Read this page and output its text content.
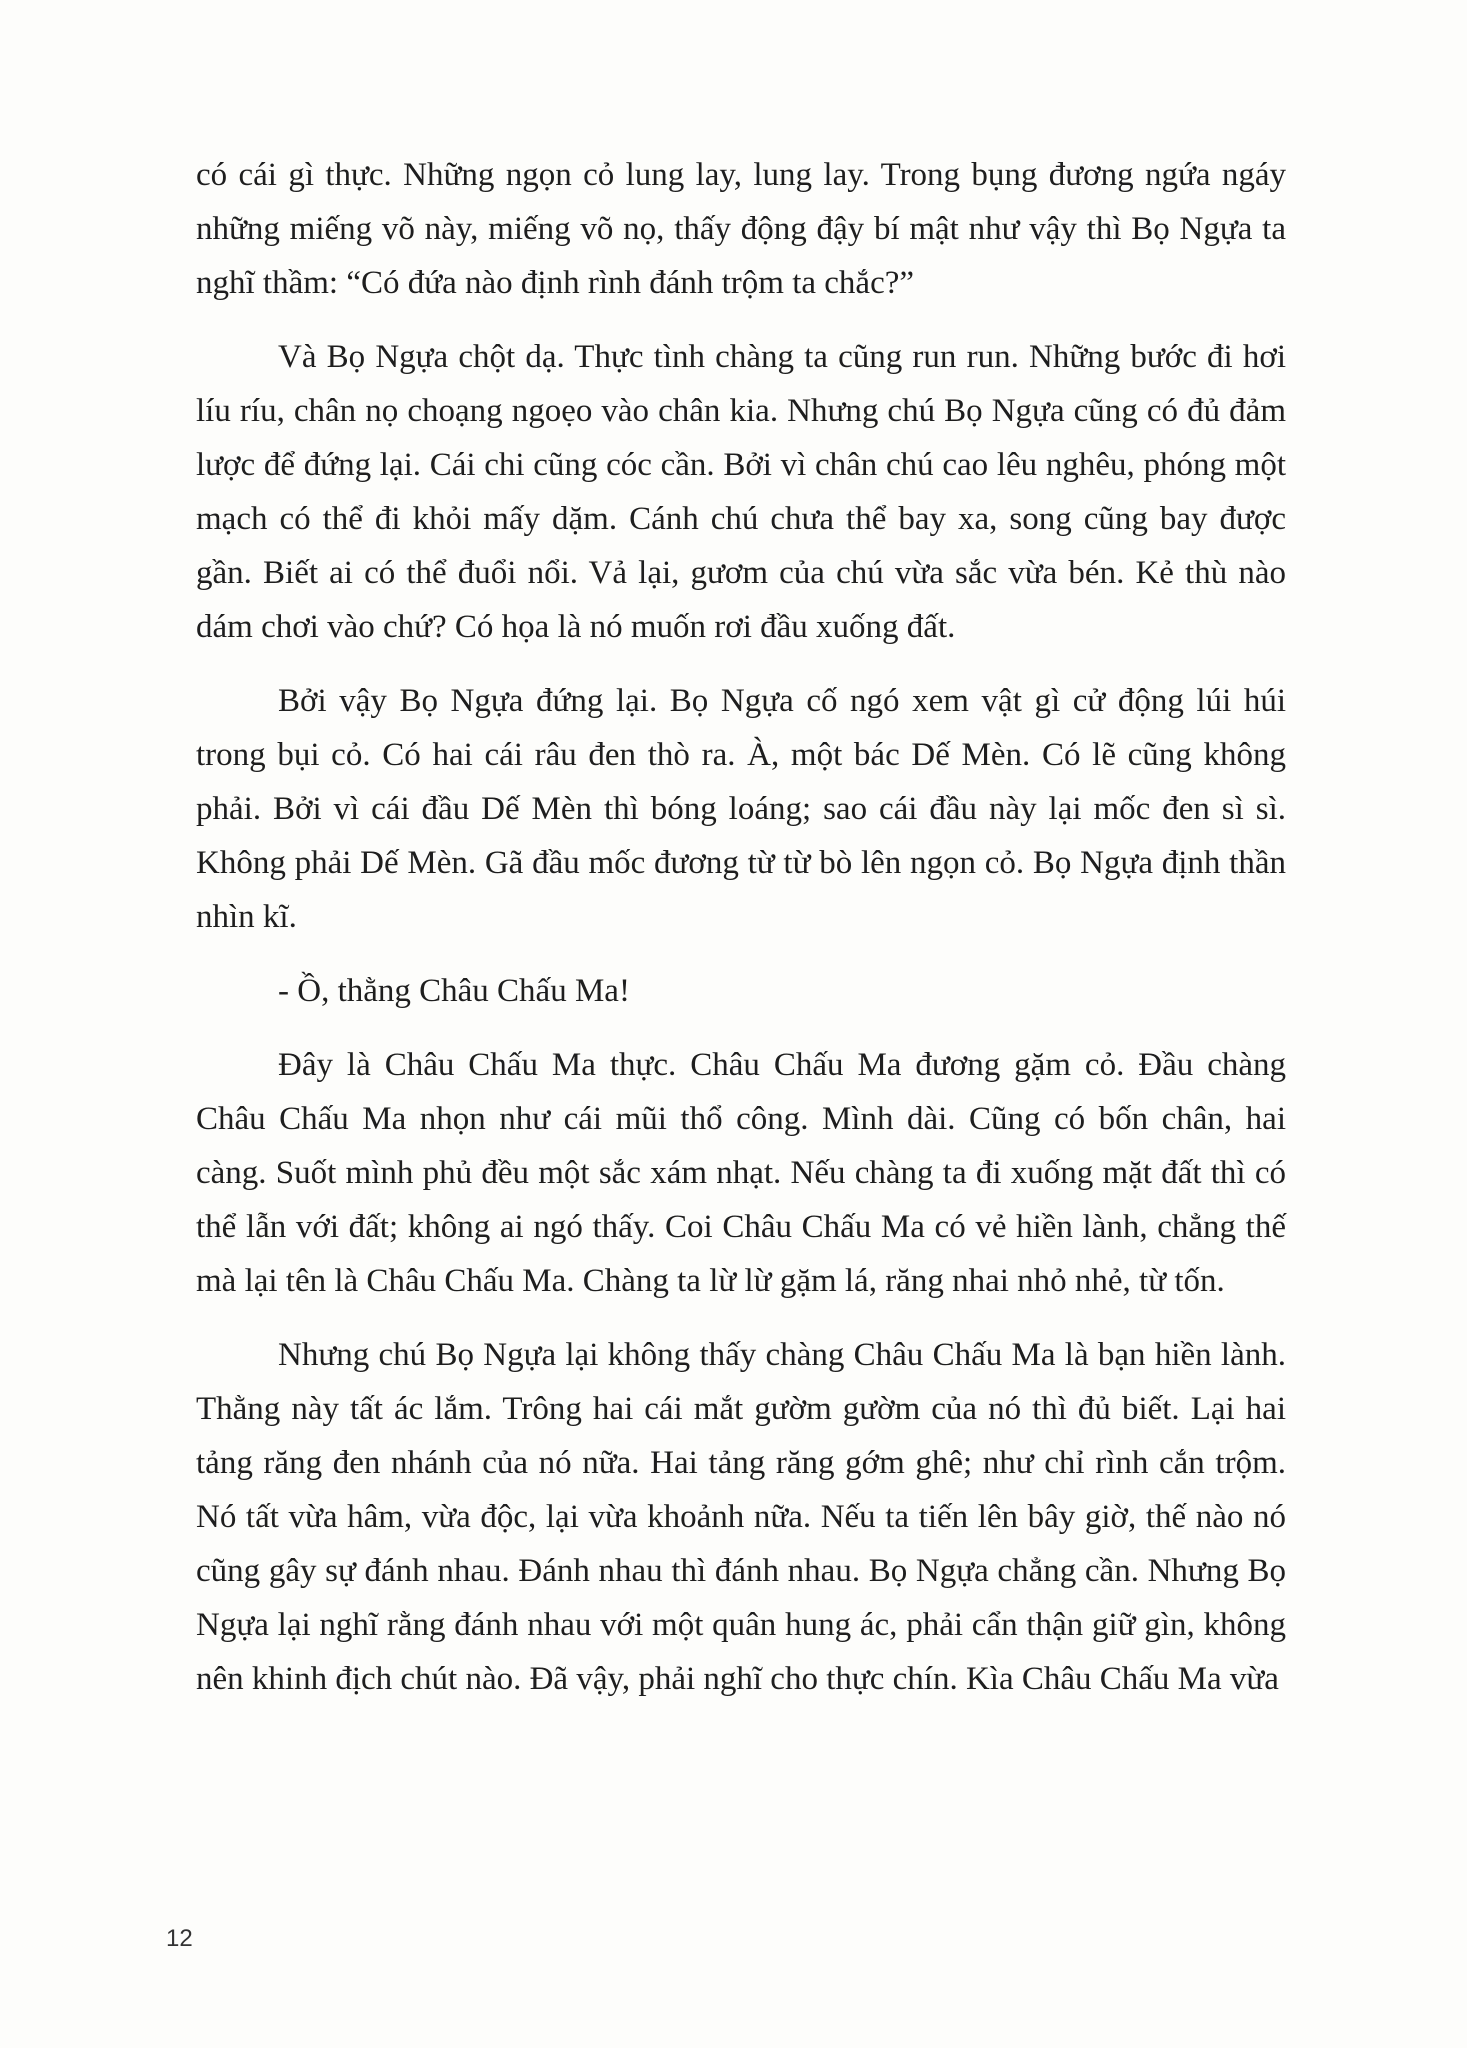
có cái gì thực. Những ngọn cỏ lung lay, lung lay. Trong bụng đương ngứa ngáy những miếng võ này, miếng võ nọ, thấy động đậy bí mật như vậy thì Bọ Ngựa ta nghĩ thầm: “Có đứa nào định rình đánh trộm ta chắc?”

Và Bọ Ngựa chột dạ. Thực tình chàng ta cũng run run. Những bước đi hơi líu ríu, chân nọ choạng ngoẹo vào chân kia. Nhưng chú Bọ Ngựa cũng có đủ đảm lược để đứng lại. Cái chi cũng cóc cần. Bởi vì chân chú cao lêu nghêu, phóng một mạch có thể đi khỏi mấy dặm. Cánh chú chưa thể bay xa, song cũng bay được gần. Biết ai có thể đuổi nổi. Vả lại, gươm của chú vừa sắc vừa bén. Kẻ thù nào dám chơi vào chứ? Có họa là nó muốn rơi đầu xuống đất.

Bởi vậy Bọ Ngựa đứng lại. Bọ Ngựa cố ngó xem vật gì cử động lúi húi trong bụi cỏ. Có hai cái râu đen thò ra. À, một bác Dế Mèn. Có lẽ cũng không phải. Bởi vì cái đầu Dế Mèn thì bóng loáng; sao cái đầu này lại mốc đen sì sì. Không phải Dế Mèn. Gã đầu mốc đương từ từ bò lên ngọn cỏ. Bọ Ngựa định thần nhìn kĩ.

- Ồ, thằng Châu Chấu Ma!

Đây là Châu Chấu Ma thực. Châu Chấu Ma đương gặm cỏ. Đầu chàng Châu Chấu Ma nhọn như cái mũi thổ công. Mình dài. Cũng có bốn chân, hai càng. Suốt mình phủ đều một sắc xám nhạt. Nếu chàng ta đi xuống mặt đất thì có thể lẫn với đất; không ai ngó thấy. Coi Châu Chấu Ma có vẻ hiền lành, chẳng thế mà lại tên là Châu Chấu Ma. Chàng ta lừ lừ gặm lá, răng nhai nhỏ nhẻ, từ tốn.

Nhưng chú Bọ Ngựa lại không thấy chàng Châu Chấu Ma là bạn hiền lành. Thằng này tất ác lắm. Trông hai cái mắt gườm gườm của nó thì đủ biết. Lại hai tảng răng đen nhánh của nó nữa. Hai tảng răng gớm ghê; như chỉ rình cắn trộm. Nó tất vừa hâm, vừa độc, lại vừa khoảnh nữa. Nếu ta tiến lên bây giờ, thế nào nó cũng gây sự đánh nhau. Đánh nhau thì đánh nhau. Bọ Ngựa chẳng cần. Nhưng Bọ Ngựa lại nghĩ rằng đánh nhau với một quân hung ác, phải cẩn thận giữ gìn, không nên khinh địch chút nào. Đã vậy, phải nghĩ cho thực chín. Kìa Châu Chấu Ma vừa

12
